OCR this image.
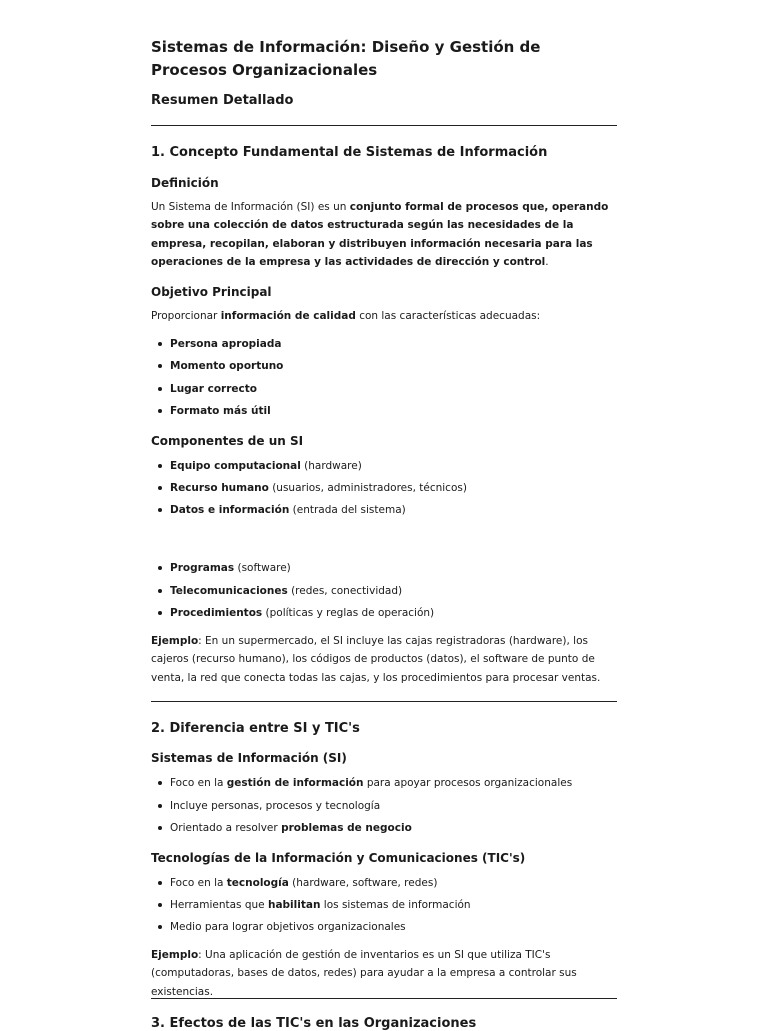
Sistemas de Información: Diseño y Gestión de Procesos Organizacionales
Resumen Detallado
1. Concepto Fundamental de Sistemas de Información
Definición
Un Sistema de Información (SI) es un conjunto formal de procesos que, operando sobre una colección de datos estructurada según las necesidades de la empresa, recopilan, elaboran y distribuyen información necesaria para las operaciones de la empresa y las actividades de dirección y control.
Objetivo Principal
Proporcionar información de calidad con las características adecuadas:
Persona apropiada
Momento oportuno
Lugar correcto
Formato más útil
Componentes de un SI
Equipo computacional (hardware)
Recurso humano (usuarios, administradores, técnicos)
Datos e información (entrada del sistema)
Programas (software)
Telecomunicaciones (redes, conectividad)
Procedimientos (políticas y reglas de operación)
Ejemplo: En un supermercado, el SI incluye las cajas registradoras (hardware), los cajeros (recurso humano), los códigos de productos (datos), el software de punto de venta, la red que conecta todas las cajas, y los procedimientos para procesar ventas.
2. Diferencia entre SI y TIC's
Sistemas de Información (SI)
Foco en la gestión de información para apoyar procesos organizacionales
Incluye personas, procesos y tecnología
Orientado a resolver problemas de negocio
Tecnologías de la Información y Comunicaciones (TIC's)
Foco en la tecnología (hardware, software, redes)
Herramientas que habilitan los sistemas de información
Medio para lograr objetivos organizacionales
Ejemplo: Una aplicación de gestión de inventarios es un SI que utiliza TIC's (computadoras, bases de datos, redes) para ayudar a la empresa a controlar sus existencias.
3. Efectos de las TIC's en las Organizaciones
